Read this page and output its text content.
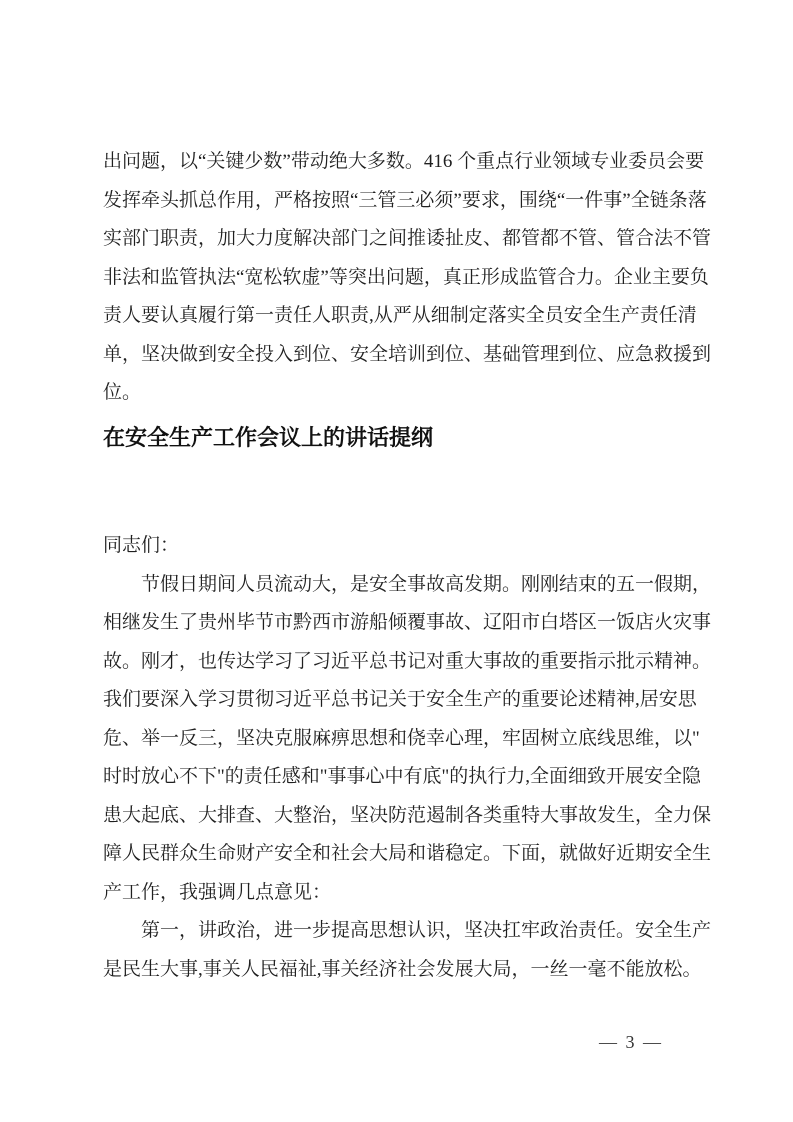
出问题，以“关键少数”带动绝大多数。416 个重点行业领域专业委员会要
发挥牵头抓总作用，严格按照“三管三必须”要求，围绕“一件事”全链条落
实部门职责，加大力度解决部门之间推诿扯皮、都管都不管、管合法不管
非法和监管执法“宽松软虚”等突出问题，真正形成监管合力。企业主要负
责人要认真履行第一责任人职责,从严从细制定落实全员安全生产责任清
单，坚决做到安全投入到位、安全培训到位、基础管理到位、应急救援到
位。
在安全生产工作会议上的讲话提纲
同志们：
节假日期间人员流动大，是安全事故高发期。刚刚结束的五一假期，
相继发生了贵州毕节市黔西市游船倾覆事故、辽阳市白塔区一饭店火灾事
故。刚才，也传达学习了习近平总书记对重大事故的重要指示批示精神。
我们要深入学习贯彻习近平总书记关于安全生产的重要论述精神,居安思
危、举一反三，坚决克服麻痹思想和侥幸心理，牢固树立底线思维，以"
时时放心不下"的责任感和"事事心中有底"的执行力,全面细致开展安全隐
患大起底、大排查、大整治，坚决防范遏制各类重特大事故发生，全力保
障人民群众生命财产安全和社会大局和谐稳定。下面，就做好近期安全生
产工作，我强调几点意见：
第一，讲政治，进一步提高思想认识，坚决扛牢政治责任。安全生产
是民生大事,事关人民福祉,事关经济社会发展大局，一丝一毫不能放松。
— 3 —
